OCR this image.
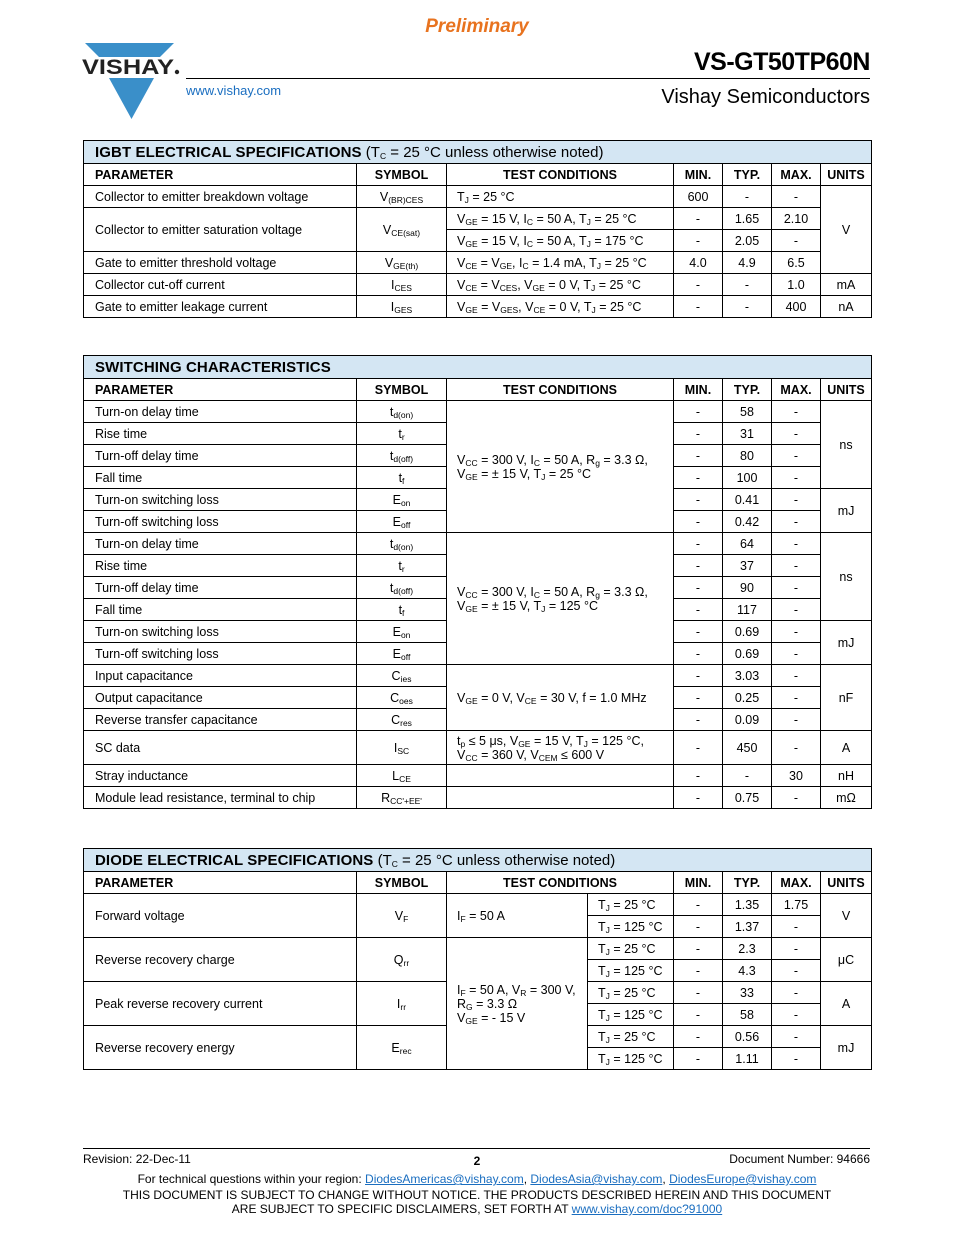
Preliminary
VISHAY
www.vishay.com
VS-GT50TP60N
Vishay Semiconductors
IGBT ELECTRICAL SPECIFICATIONS ($T_C = 25$ °C unless otherwise noted)						
PARAMETER	SYMBOL	TEST CONDITIONS	MIN.	TYP.	MAX.	UNITS
Collector to emitter breakdown voltage	$V_{(BR)CES}$	$T_J = 25$ °C	600	-	-	V
Collector to emitter saturation voltage	$V_{CE(sat)}$	$V_{GE} = 15$ V, $I_C = 50$ A, $T_J = 25$ °C	-	1.65	2.10	
		$V_{GE} = 15$ V, $I_C = 50$ A, $T_J = 175$ °C	-	2.05	-	
Gate to emitter threshold voltage	$V_{GE(th)}$	$V_{CE} = V_{GE}$, $I_C = 1.4$ mA, $T_J = 25$ °C	4.0	4.9	6.5	
Collector cut-off current	$I_{CES}$	$V_{CE} = V_{CES}$, $V_{GE} = 0$ V, $T_J = 25$ °C	-	-	1.0	mA
Gate to emitter leakage current	$I_{GES}$	$V_{GE} = V_{GES}$, $V_{CE} = 0$ V, $T_J = 25$ °C	-	-	400	nA
SWITCHING CHARACTERISTICS						
PARAMETER	SYMBOL	TEST CONDITIONS	MIN.	TYP.	MAX.	UNITS
Turn-on delay time	$t_{d(on)}$	$V_{CC} = 300$ V, $I_C = 50$ A, $R_g = 3.3$ Ω,
$V_{GE}$ = ± 15 V, $T_J = 25$ °C	-	58	-	ns
Rise time	$t_r$		-	31	-	
Turn-off delay time	$t_{d(off)}$		-	80	-	
Fall time	$t_f$		-	100	-	
Turn-on switching loss	$E_{on}$		-	0.41	-	mJ
Turn-off switching loss	$E_{off}$		-	0.42	-	
Turn-on delay time	$t_{d(on)}$	$V_{CC} = 300$ V, $I_C = 50$ A, $R_g = 3.3$ Ω,
$V_{GE}$ = ± 15 V, $T_J = 125$ °C	-	64	-	ns
Rise time	$t_r$		-	37	-	
Turn-off delay time	$t_{d(off)}$		-	90	-	
Fall time	$t_f$		-	117	-	
Turn-on switching loss	$E_{on}$		-	0.69	-	mJ
Turn-off switching loss	$E_{off}$		-	0.69	-	
Input capacitance	$C_{ies}$	$V_{GE} = 0$ V, $V_{CE} = 30$ V, f = 1.0 MHz	-	3.03	-	nF
Output capacitance	$C_{oes}$		-	0.25	-	
Reverse transfer capacitance	$C_{res}$		-	0.09	-	
SC data	$I_{SC}$	$t_p \le 5$ μs, $V_{GE} = 15$ V, $T_J = 125$ °C,
$V_{CC} = 360$ V, $V_{CEM} \le 600$ V	-	450	-	A
Stray inductance	$L_{CE}$		-	-	30	nH
Module lead resistance, terminal to chip	$R_{CC'+EE'}$		-	0.75	-	mΩ
DIODE ELECTRICAL SPECIFICATIONS ($T_C = 25$ °C unless otherwise noted)							
PARAMETER	SYMBOL	TEST CONDITIONS		MIN.	TYP.	MAX.	UNITS
Forward voltage	$V_F$	$I_F = 50$ A	$T_J = 25$ °C	-	1.35	1.75	V
			$T_J = 125$ °C	-	1.37	-	
Reverse recovery charge	$Q_{rr}$	$I_F = 50$ A, $V_R = 300$ V,
$R_G = 3.3$ Ω
$V_{GE}$ = - 15 V	$T_J = 25$ °C	-	2.3	-	μC
			$T_J = 125$ °C	-	4.3	-	
Peak reverse recovery current	$I_{rr}$		$T_J = 25$ °C	-	33	-	A
			$T_J = 125$ °C	-	58	-	
Reverse recovery energy	$E_{rec}$		$T_J = 25$ °C	-	0.56	-	mJ
			$T_J = 125$ °C	-	1.11	-	
Revision: 22-Dec-11	2	Document Number: 94666
For technical questions within your region: DiodesAmericas@vishay.com, DiodesAsia@vishay.com, DiodesEurope@vishay.com
THIS DOCUMENT IS SUBJECT TO CHANGE WITHOUT NOTICE. THE PRODUCTS DESCRIBED HEREIN AND THIS DOCUMENT
ARE SUBJECT TO SPECIFIC DISCLAIMERS, SET FORTH AT www.vishay.com/doc?91000
